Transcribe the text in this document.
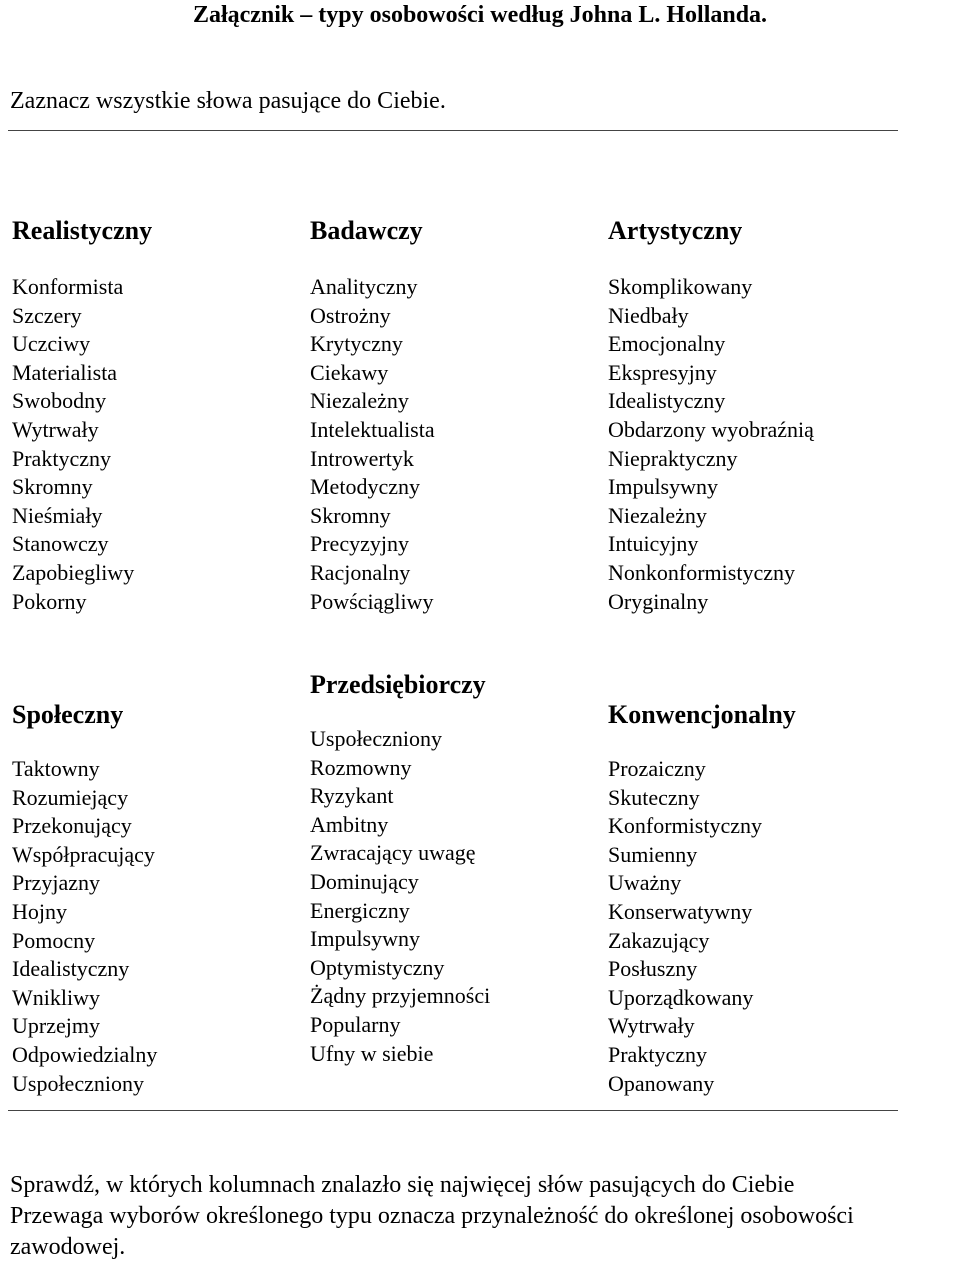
Załącznik – typy osobowości według Johna L. Hollanda.
Zaznacz wszystkie słowa pasujące do Ciebie.
Realistyczny
Konformista
Szczery
Uczciwy
Materialista
Swobodny
Wytrwały
Praktyczny
Skromny
Nieśmiały
Stanowczy
Zapobiegliwy
Pokorny
Badawczy
Analityczny
Ostrożny
Krytyczny
Ciekawy
Niezależny
Intelektualista
Introwertyk
Metodyczny
Skromny
Precyzyjny
Racjonalny
Powściągliwy
Artystyczny
Skomplikowany
Niedbały
Emocjonalny
Ekspresyjny
Idealistyczny
Obdarzony wyobraźnią
Niepraktyczny
Impulsywny
Niezależny
Intuicyjny
Nonkonformistyczny
Oryginalny
Społeczny
Taktowny
Rozumiejący
Przekonujący
Współpracujący
Przyjazny
Hojny
Pomocny
Idealistyczny
Wnikliwy
Uprzejmy
Odpowiedzialny
Uspołeczniony
Przedsiębiorczy
Uspołeczniony
Rozmowny
Ryzykant
Ambitny
Zwracający uwagę
Dominujący
Energiczny
Impulsywny
Optymistyczny
Żądny przyjemności
Popularny
Ufny w siebie
Konwencjonalny
Prozaiczny
Skuteczny
Konformistyczny
Sumienny
Uważny
Konserwatywny
Zakazujący
Posłuszny
Uporządkowany
Wytrwały
Praktyczny
Opanowany

Sprawdź, w których kolumnach znalazło się najwięcej słów pasujących do Ciebie

Przewaga wyborów określonego typu oznacza przynależność do określonej osobowości

zawodowej.
